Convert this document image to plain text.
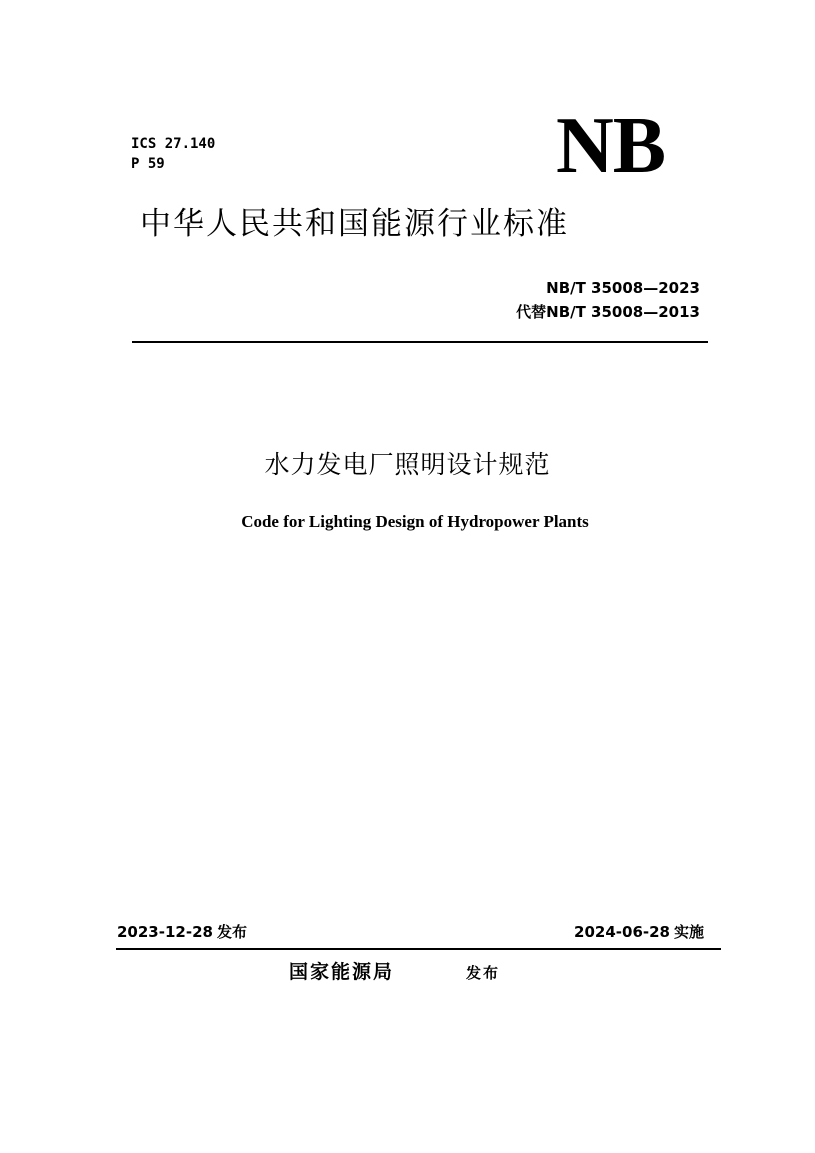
ICS 27.140
P 59	NB
中华人民共和国能源行业标准
NB/T 35008—2023
代替NB/T 35008—2013
水力发电厂照明设计规范
Code for Lighting Design of Hydropower Plants
2023-12-28 发布	2024-06-28 实施
国家能源局	发布
